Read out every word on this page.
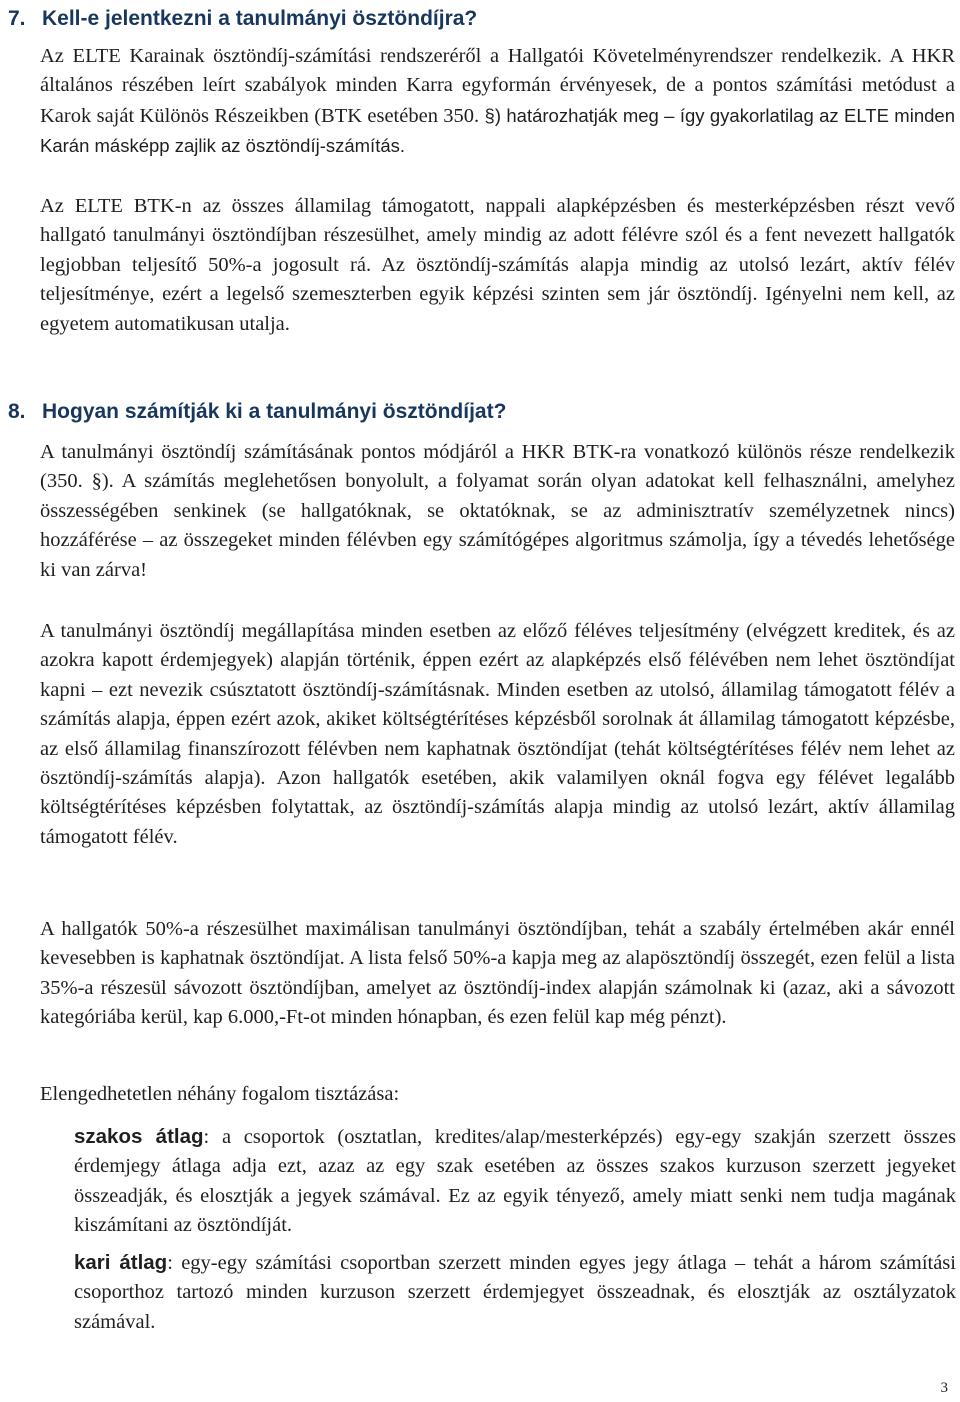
7. Kell-e jelentkezni a tanulmányi ösztöndíjra?

Az ELTE Karainak ösztöndíj-számítási rendszeréről a Hallgatói Követelményrendszer rendelkezik. A HKR általános részében leírt szabályok minden Karra egyformán érvényesek, de a pontos számítási metódust a Karok saját Különös Részeikben (BTK esetében 350. §) határozhatják meg – így gyakorlatilag az ELTE minden Karán másképp zajlik az ösztöndíj-számítás.

Az ELTE BTK-n az összes államilag támogatott, nappali alapképzésben és mesterképzésben részt vevő hallgató tanulmányi ösztöndíjban részesülhet, amely mindig az adott félévre szól és a fent nevezett hallgatók legjobban teljesítő 50%-a jogosult rá. Az ösztöndíj-számítás alapja mindig az utolsó lezárt, aktív félév teljesítménye, ezért a legelső szemeszterben egyik képzési szinten sem jár ösztöndíj. Igényelni nem kell, az egyetem automatikusan utalja.

8. Hogyan számítják ki a tanulmányi ösztöndíjat?

A tanulmányi ösztöndíj számításának pontos módjáról a HKR BTK-ra vonatkozó különös része rendelkezik (350. §). A számítás meglehetősen bonyolult, a folyamat során olyan adatokat kell felhasználni, amelyhez összességében senkinek (se hallgatóknak, se oktatóknak, se az adminisztratív személyzetnek nincs) hozzáférése – az összegeket minden félévben egy számítógépes algoritmus számolja, így a tévedés lehetősége ki van zárva!

A tanulmányi ösztöndíj megállapítása minden esetben az előző féléves teljesítmény (elvégzett kreditek, és az azokra kapott érdemjegyek) alapján történik, éppen ezért az alapképzés első félévében nem lehet ösztöndíjat kapni – ezt nevezik csúsztatott ösztöndíj-számításnak. Minden esetben az utolsó, államilag támogatott félév a számítás alapja, éppen ezért azok, akiket költségtérítéses képzésből sorolnak át államilag támogatott képzésbe, az első államilag finanszírozott félévben nem kaphatnak ösztöndíjat (tehát költségtérítéses félév nem lehet az ösztöndíj-számítás alapja). Azon hallgatók esetében, akik valamilyen oknál fogva egy félévet legalább költségtérítéses képzésben folytattak, az ösztöndíj-számítás alapja mindig az utolsó lezárt, aktív államilag támogatott félév.

A hallgatók 50%-a részesülhet maximálisan tanulmányi ösztöndíjban, tehát a szabály értelmében akár ennél kevesebben is kaphatnak ösztöndíjat. A lista felső 50%-a kapja meg az alapösztöndíj összegét, ezen felül a lista 35%-a részesül sávozott ösztöndíjban, amelyet az ösztöndíj-index alapján számolnak ki (azaz, aki a sávozott kategóriába kerül, kap 6.000,-Ft-ot minden hónapban, és ezen felül kap még pénzt).

Elengedhetetlen néhány fogalom tisztázása:

szakos átlag: a csoportok (osztatlan, kredites/alap/mesterképzés) egy-egy szakján szerzett összes érdemjegy átlaga adja ezt, azaz az egy szak esetében az összes szakos kurzuson szerzett jegyeket összeadják, és elosztják a jegyek számával. Ez az egyik tényező, amely miatt senki nem tudja magának kiszámítani az ösztöndíját.

kari átlag: egy-egy számítási csoportban szerzett minden egyes jegy átlaga – tehát a három számítási csoporthoz tartozó minden kurzuson szerzett érdemjegyet összeadnak, és elosztják az osztályzatok számával.

3
